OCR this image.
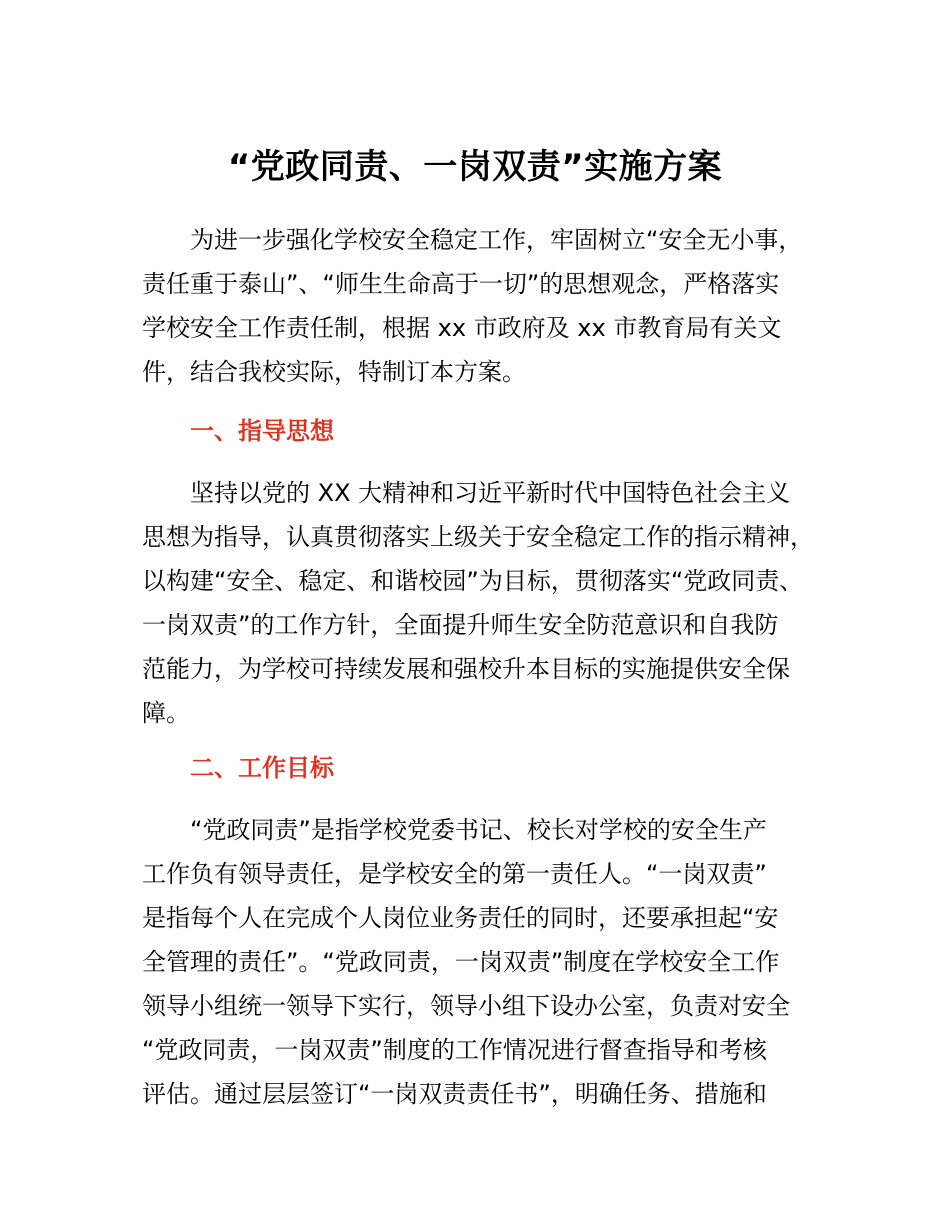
“党政同责、一岗双责”实施方案

为进一步强化学校安全稳定工作，牢固树立“安全无小事，

责任重于泰山”、“师生生命高于一切”的思想观念，严格落实

学校安全工作责任制，根据 xx 市政府及 xx 市教育局有关文

件，结合我校实际，特制订本方案。

一、指导思想

坚持以党的 XX 大精神和习近平新时代中国特色社会主义

思想为指导，认真贯彻落实上级关于安全稳定工作的指示精神，

以构建“安全、稳定、和谐校园”为目标，贯彻落实“党政同责、

一岗双责”的工作方针，全面提升师生安全防范意识和自我防

范能力，为学校可持续发展和强校升本目标的实施提供安全保

障。

二、工作目标

“党政同责”是指学校党委书记、校长对学校的安全生产

工作负有领导责任，是学校安全的第一责任人。“一岗双责”

是指每个人在完成个人岗位业务责任的同时，还要承担起“安

全管理的责任”。“党政同责，一岗双责”制度在学校安全工作

领导小组统一领导下实行，领导小组下设办公室，负责对安全

“党政同责，一岗双责”制度的工作情况进行督查指导和考核

评估。通过层层签订“一岗双责责任书”，明确任务、措施和
